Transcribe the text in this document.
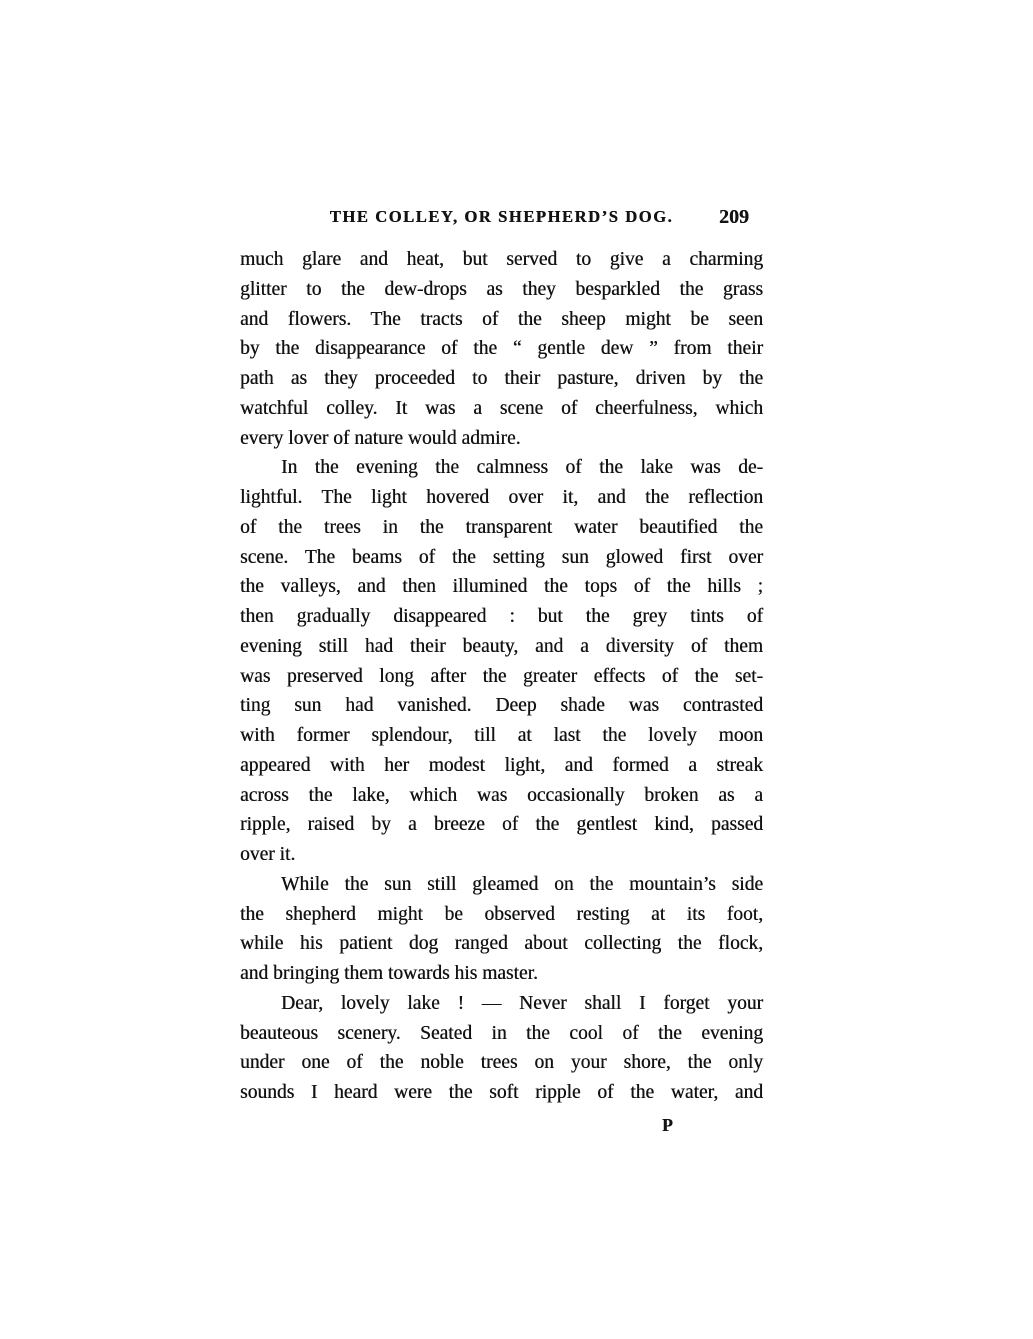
THE COLLEY, OR SHEPHERD’S DOG.	209
much glare and heat, but served to give a charming
glitter to the dew-drops as they besparkled the grass
and flowers. The tracts of the sheep might be seen
by the disappearance of the “ gentle dew ” from their
path as they proceeded to their pasture, driven by the
watchful colley. It was a scene of cheerfulness, which
every lover of nature would admire.
In the evening the calmness of the lake was de-
lightful. The light hovered over it, and the reflection
of the trees in the transparent water beautified the
scene. The beams of the setting sun glowed first over
the valleys, and then illumined the tops of the hills ;
then gradually disappeared : but the grey tints of
evening still had their beauty, and a diversity of them
was preserved long after the greater effects of the set-
ting sun had vanished. Deep shade was contrasted
with former splendour, till at last the lovely moon
appeared with her modest light, and formed a streak
across the lake, which was occasionally broken as a
ripple, raised by a breeze of the gentlest kind, passed
over it.
While the sun still gleamed on the mountain’s side
the shepherd might be observed resting at its foot,
while his patient dog ranged about collecting the flock,
and bringing them towards his master.
Dear, lovely lake ! — Never shall I forget your
beauteous scenery. Seated in the cool of the evening
under one of the noble trees on your shore, the only
sounds I heard were the soft ripple of the water, and
P
